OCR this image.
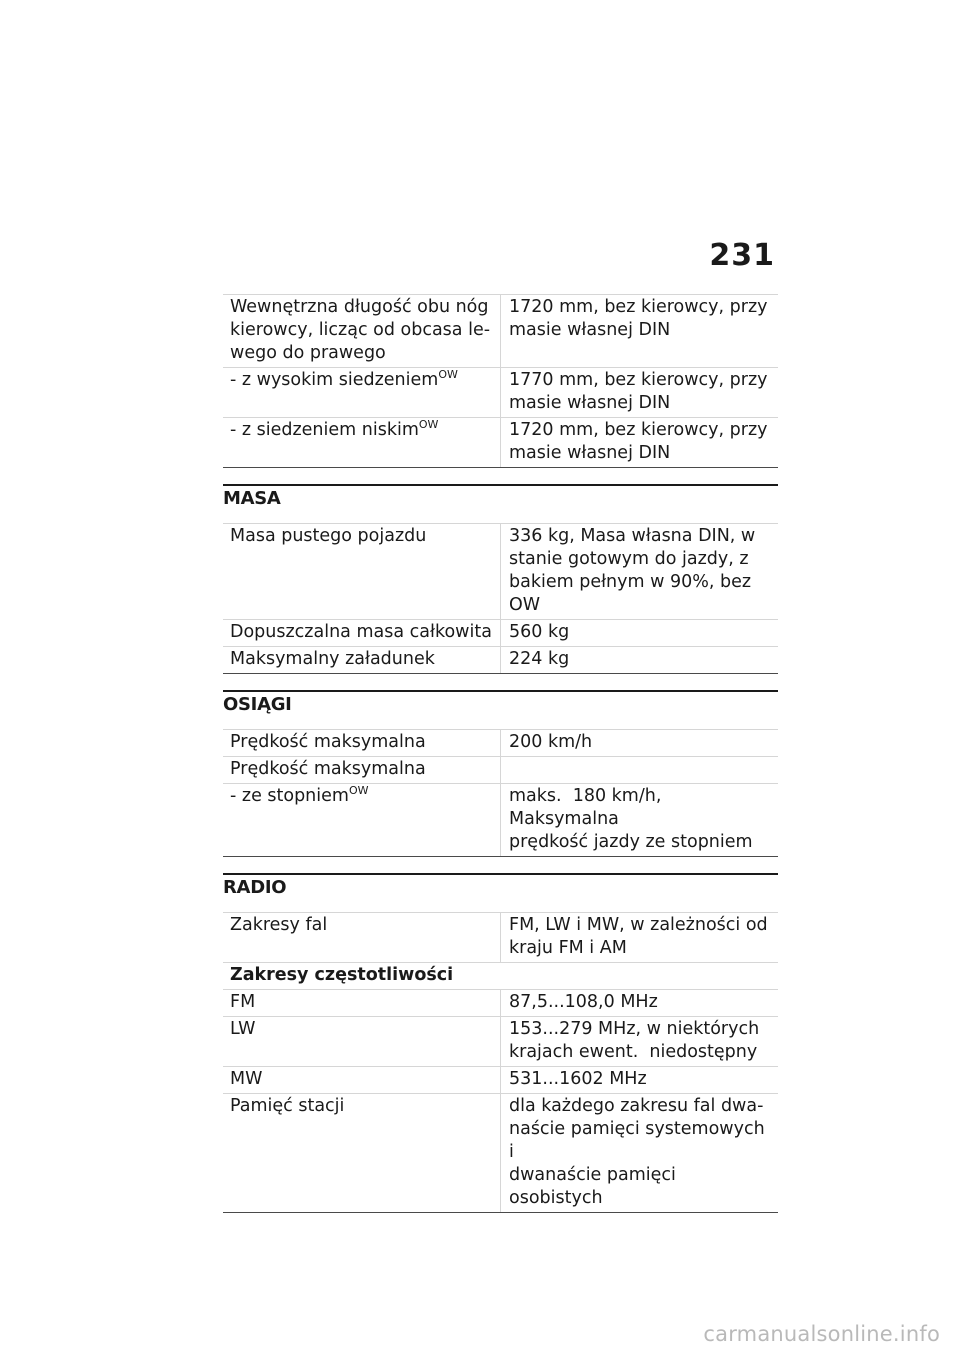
231
Wewnętrzna długość obu nóg
kierowcy, licząc od obcasa le-
wego do prawego	1720 mm, bez kierowcy, przy
masie własnej DIN
- z wysokim siedzeniem$^{OW}$	1770 mm, bez kierowcy, przy
masie własnej DIN
- z siedzeniem niskim$^{OW}$	1720 mm, bez kierowcy, przy
masie własnej DIN
MASA
Masa pustego pojazdu	336 kg, Masa własna DIN, w
stanie gotowym do jazdy, z
bakiem pełnym w 90%, bez
OW
Dopuszczalna masa całkowita	560 kg
Maksymalny załadunek	224 kg
OSIĄGI
Prędkość maksymalna	200 km/h
Prędkość maksymalna	
- ze stopniem$^{OW}$	maks.  180 km/h, Maksymalna
prędkość jazdy ze stopniem
RADIO
Zakresy fal	FM, LW i MW, w zależności od
kraju FM i AM
Zakresy częstotliwości	
FM	87,5...108,0 MHz
LW	153...279 MHz, w niektórych
krajach ewent.  niedostępny
MW	531...1602 MHz
Pamięć stacji	dla każdego zakresu fal dwa-
naście pamięci systemowych i
dwanaście pamięci osobistych
carmanualsonline.info
